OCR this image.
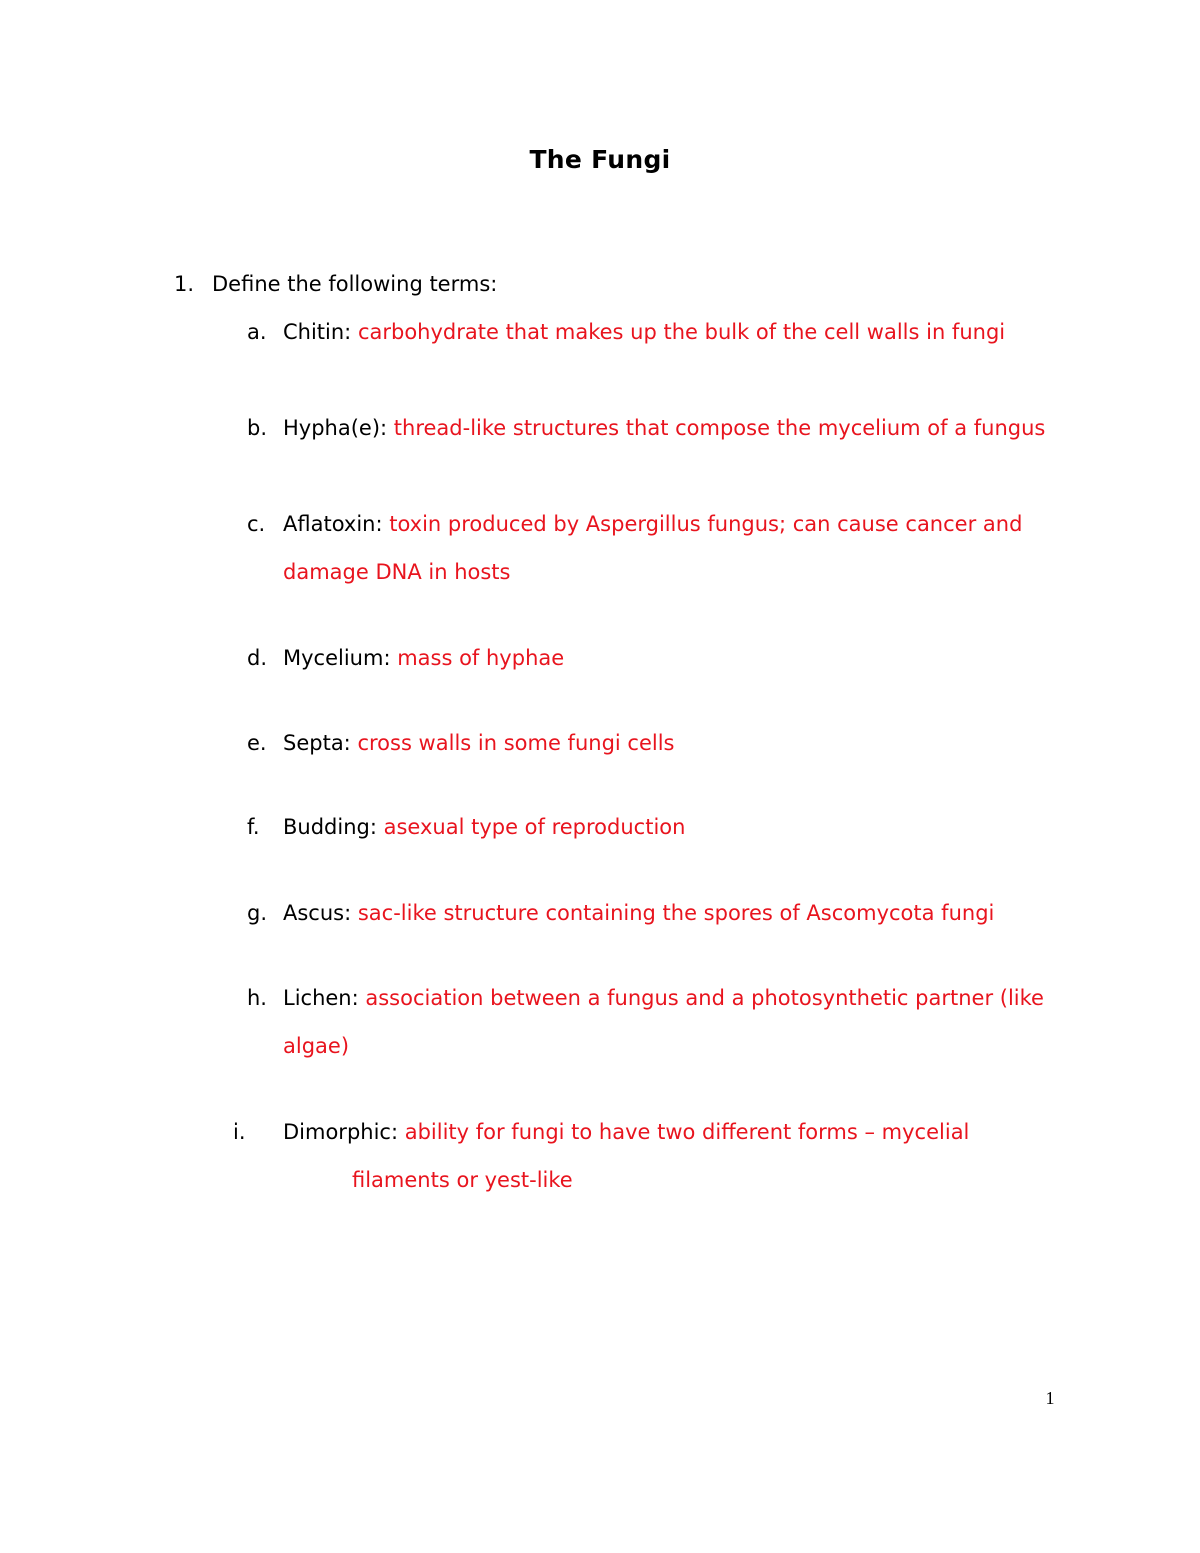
The Fungi
1. Define the following terms:
a. Chitin: carbohydrate that makes up the bulk of the cell walls in fungi
b. Hypha(e): thread-like structures that compose the mycelium of a fungus
c. Aflatoxin: toxin produced by Aspergillus fungus; can cause cancer and
damage DNA in hosts
d. Mycelium: mass of hyphae
e. Septa: cross walls in some fungi cells
f.	Budding: asexual type of reproduction
g. Ascus: sac-like structure containing the spores of Ascomycota fungi
h. Lichen: association between a fungus and a photosynthetic partner (like
algae)
i.	Dimorphic: ability for fungi to have two different forms – mycelial
filaments or yest-like
1
